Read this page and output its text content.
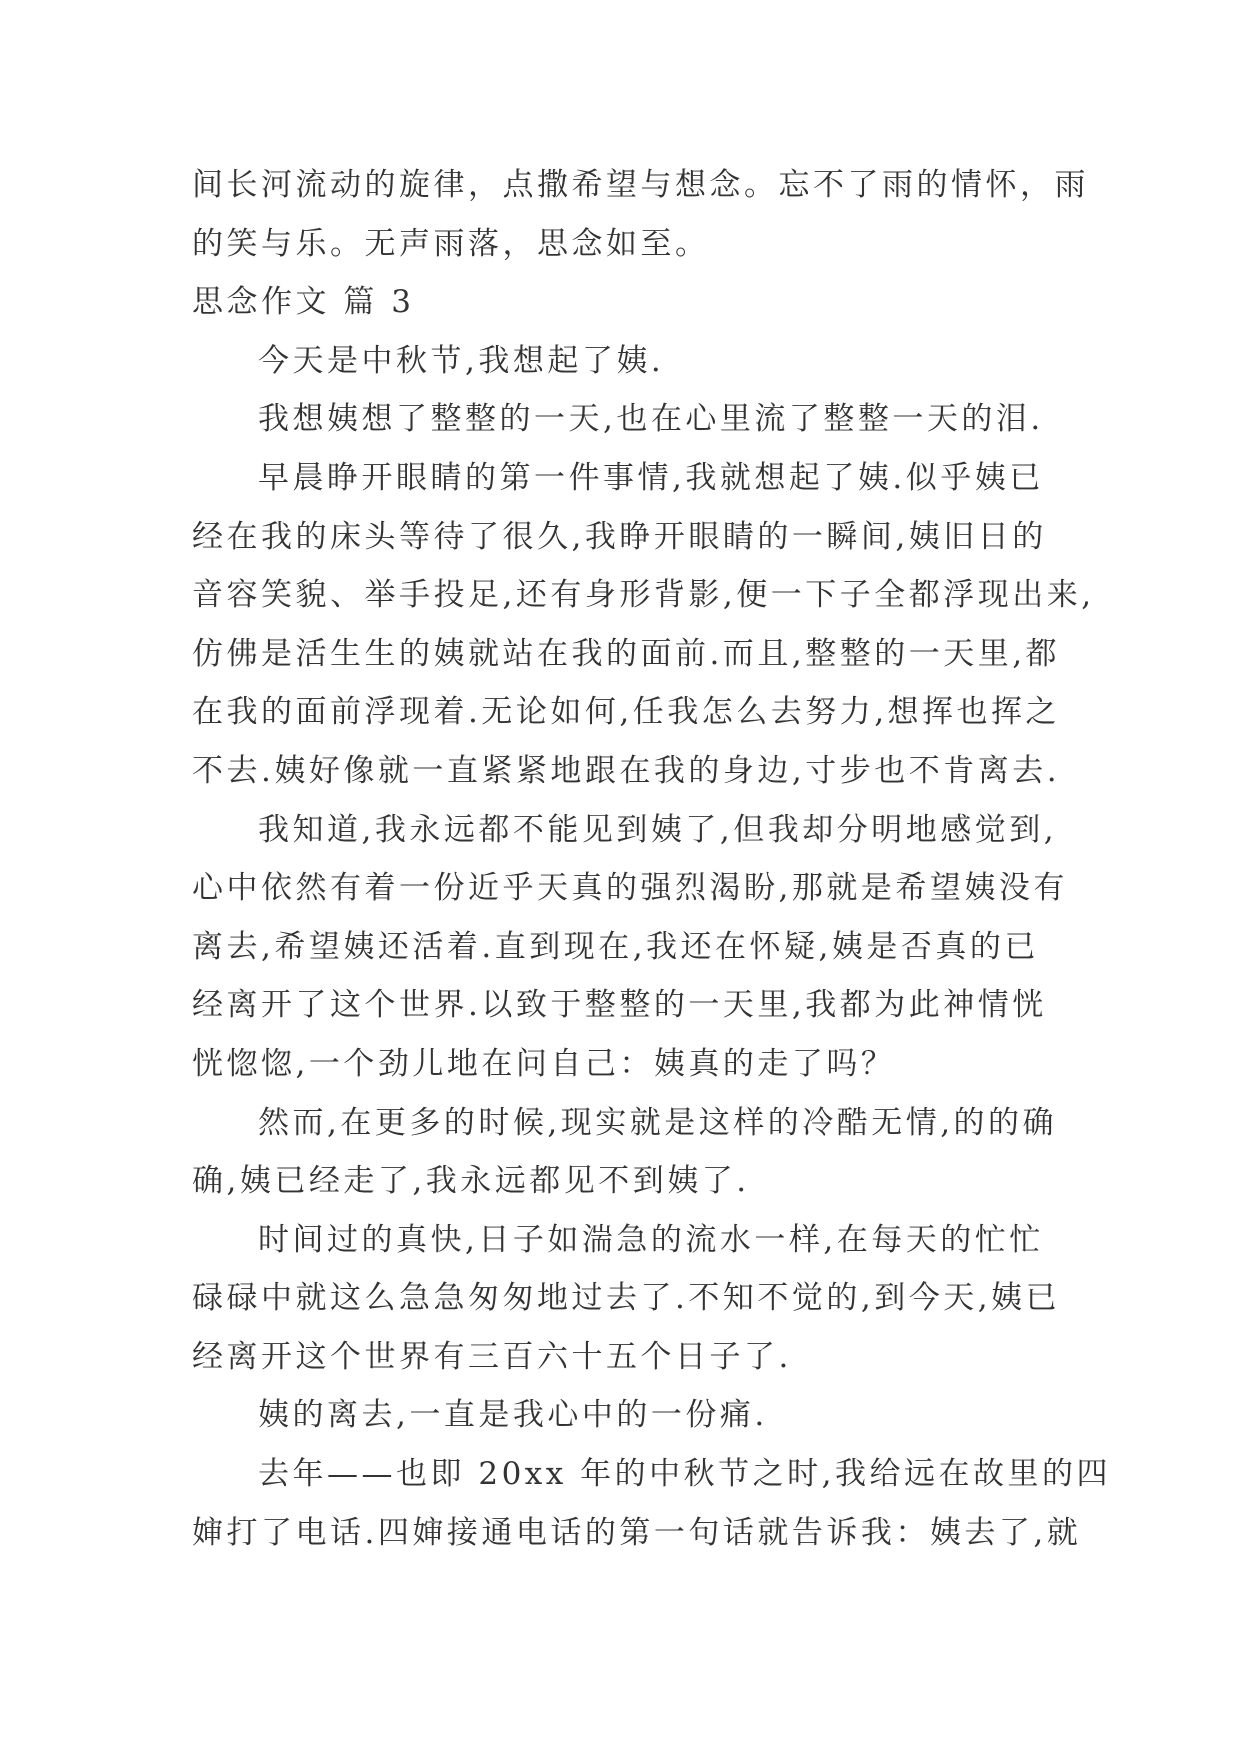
间长河流动的旋律，点撒希望与想念。忘不了雨的情怀，雨
的笑与乐。无声雨落，思念如至。

思念作文 篇 3

今天是中秋节,我想起了姨.

我想姨想了整整的一天,也在心里流了整整一天的泪.

早晨睁开眼睛的第一件事情,我就想起了姨.似乎姨已
经在我的床头等待了很久,我睁开眼睛的一瞬间,姨旧日的
音容笑貌、举手投足,还有身形背影,便一下子全都浮现出来,
仿佛是活生生的姨就站在我的面前.而且,整整的一天里,都
在我的面前浮现着.无论如何,任我怎么去努力,想挥也挥之
不去.姨好像就一直紧紧地跟在我的身边,寸步也不肯离去.

我知道,我永远都不能见到姨了,但我却分明地感觉到,
心中依然有着一份近乎天真的强烈渴盼,那就是希望姨没有
离去,希望姨还活着.直到现在,我还在怀疑,姨是否真的已
经离开了这个世界.以致于整整的一天里,我都为此神情恍
恍惚惚,一个劲儿地在问自己：姨真的走了吗？

然而,在更多的时候,现实就是这样的冷酷无情,的的确
确,姨已经走了,我永远都见不到姨了.

时间过的真快,日子如湍急的流水一样,在每天的忙忙
碌碌中就这么急急匆匆地过去了.不知不觉的,到今天,姨已
经离开这个世界有三百六十五个日子了.

姨的离去,一直是我心中的一份痛.

去年——也即 20xx 年的中秋节之时,我给远在故里的四
婶打了电话.四婶接通电话的第一句话就告诉我：姨去了,就
